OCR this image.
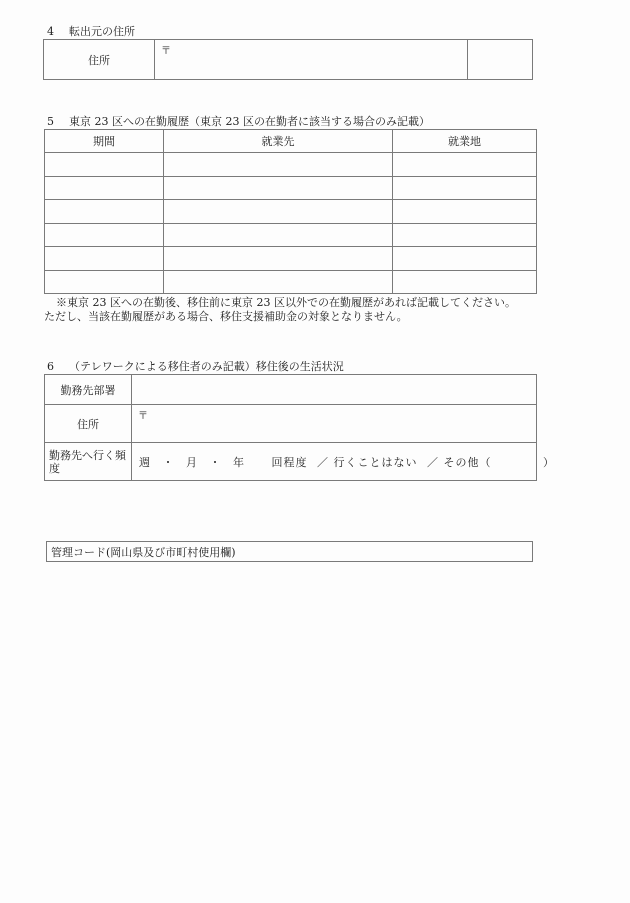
4 転出元の住所
住所	〒	
5 東京 23 区への在勤履歴（東京 23 区の在勤者に該当する場合のみ記載）
期間	就業先	就業地

※東京 23 区への在勤後、移住前に東京 23 区以外での在勤履歴があれば記載してください。
ただし、当該在勤履歴がある場合、移住支援補助金の対象となりません。
6 （テレワークによる移住者のみ記載）移住後の生活状況
勤務先部署	
住所	〒
勤務先へ行く頻度	週 ・ 月 ・ 年 回程度 ／ 行くことはない ／ その他（ ）
管理コード(岡山県及び市町村使用欄)
